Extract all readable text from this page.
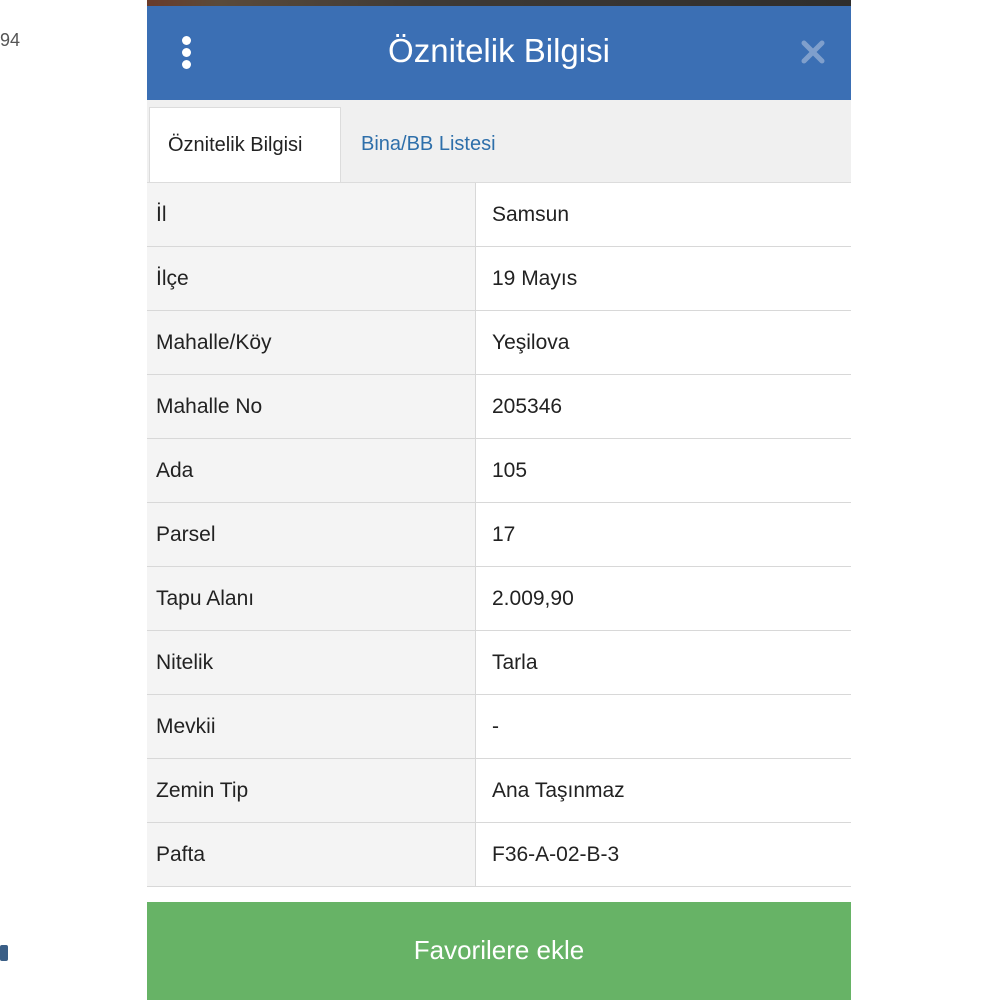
94	Öznitelik Bilgisi
Öznitelik Bilgisi	Bina/BB Listesi
İl	Samsun
İlçe	19 Mayıs
Mahalle/Köy	Yeşilova
Mahalle No	205346
Ada	105
Parsel	17
Tapu Alanı	2.009,90
Nitelik	Tarla
Mevkii	-
Zemin Tip	Ana Taşınmaz
Pafta	F36-A-02-B-3
Favorilere ekle
